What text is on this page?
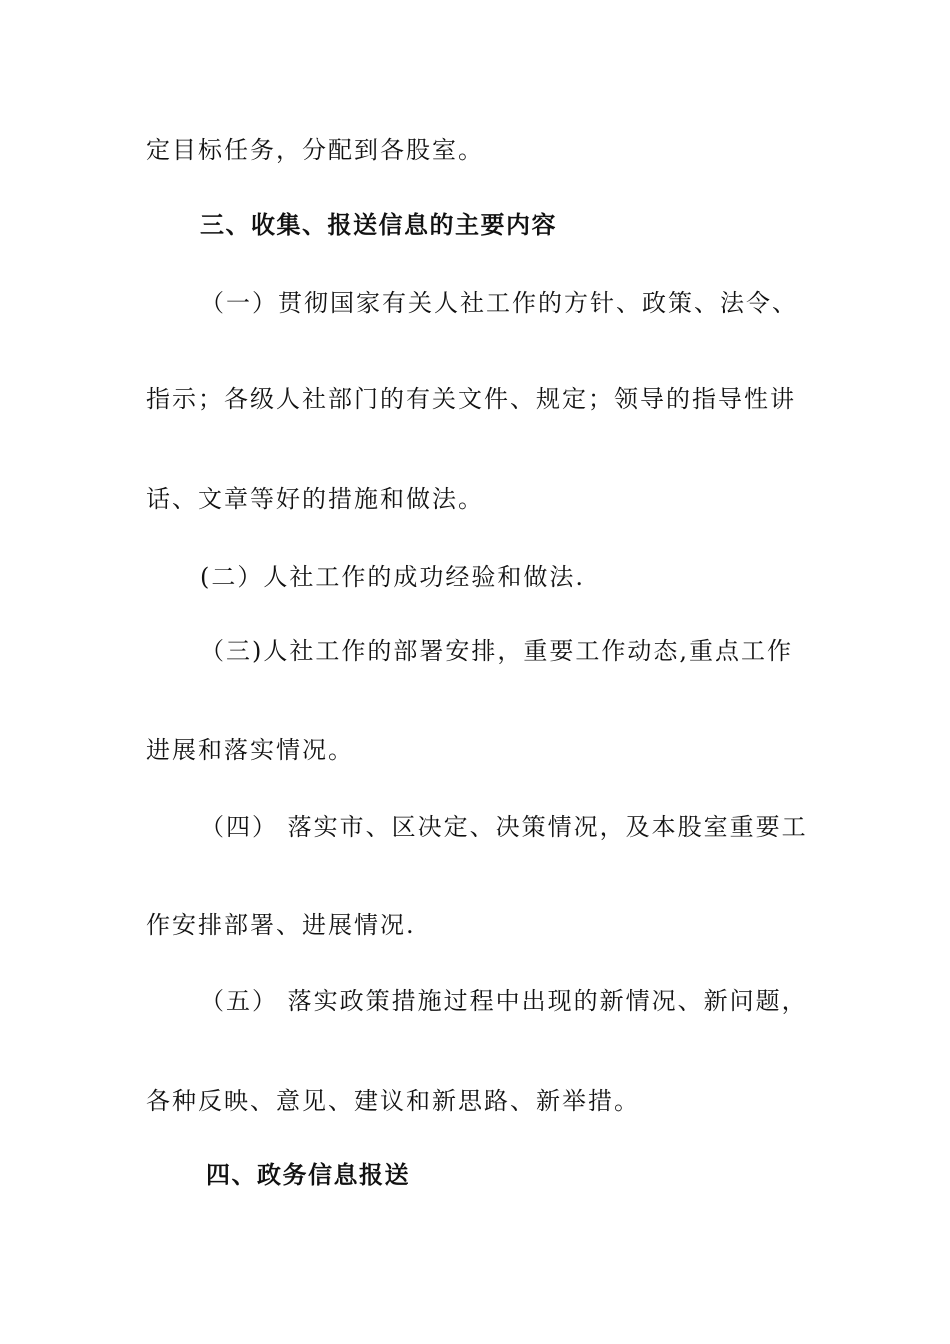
定目标任务，分配到各股室。
三、收集、报送信息的主要内容
（一）贯彻国家有关人社工作的方针、政策、法令、
指示；各级人社部门的有关文件、规定；领导的指导性讲
话、文章等好的措施和做法。
(二）人社工作的成功经验和做法.
（三)人社工作的部署安排，重要工作动态,重点工作
进展和落实情况。
（四） 落实市、区决定、决策情况，及本股室重要工
作安排部署、进展情况.
（五） 落实政策措施过程中出现的新情况、新问题，
各种反映、意见、建议和新思路、新举措。
四、政务信息报送
